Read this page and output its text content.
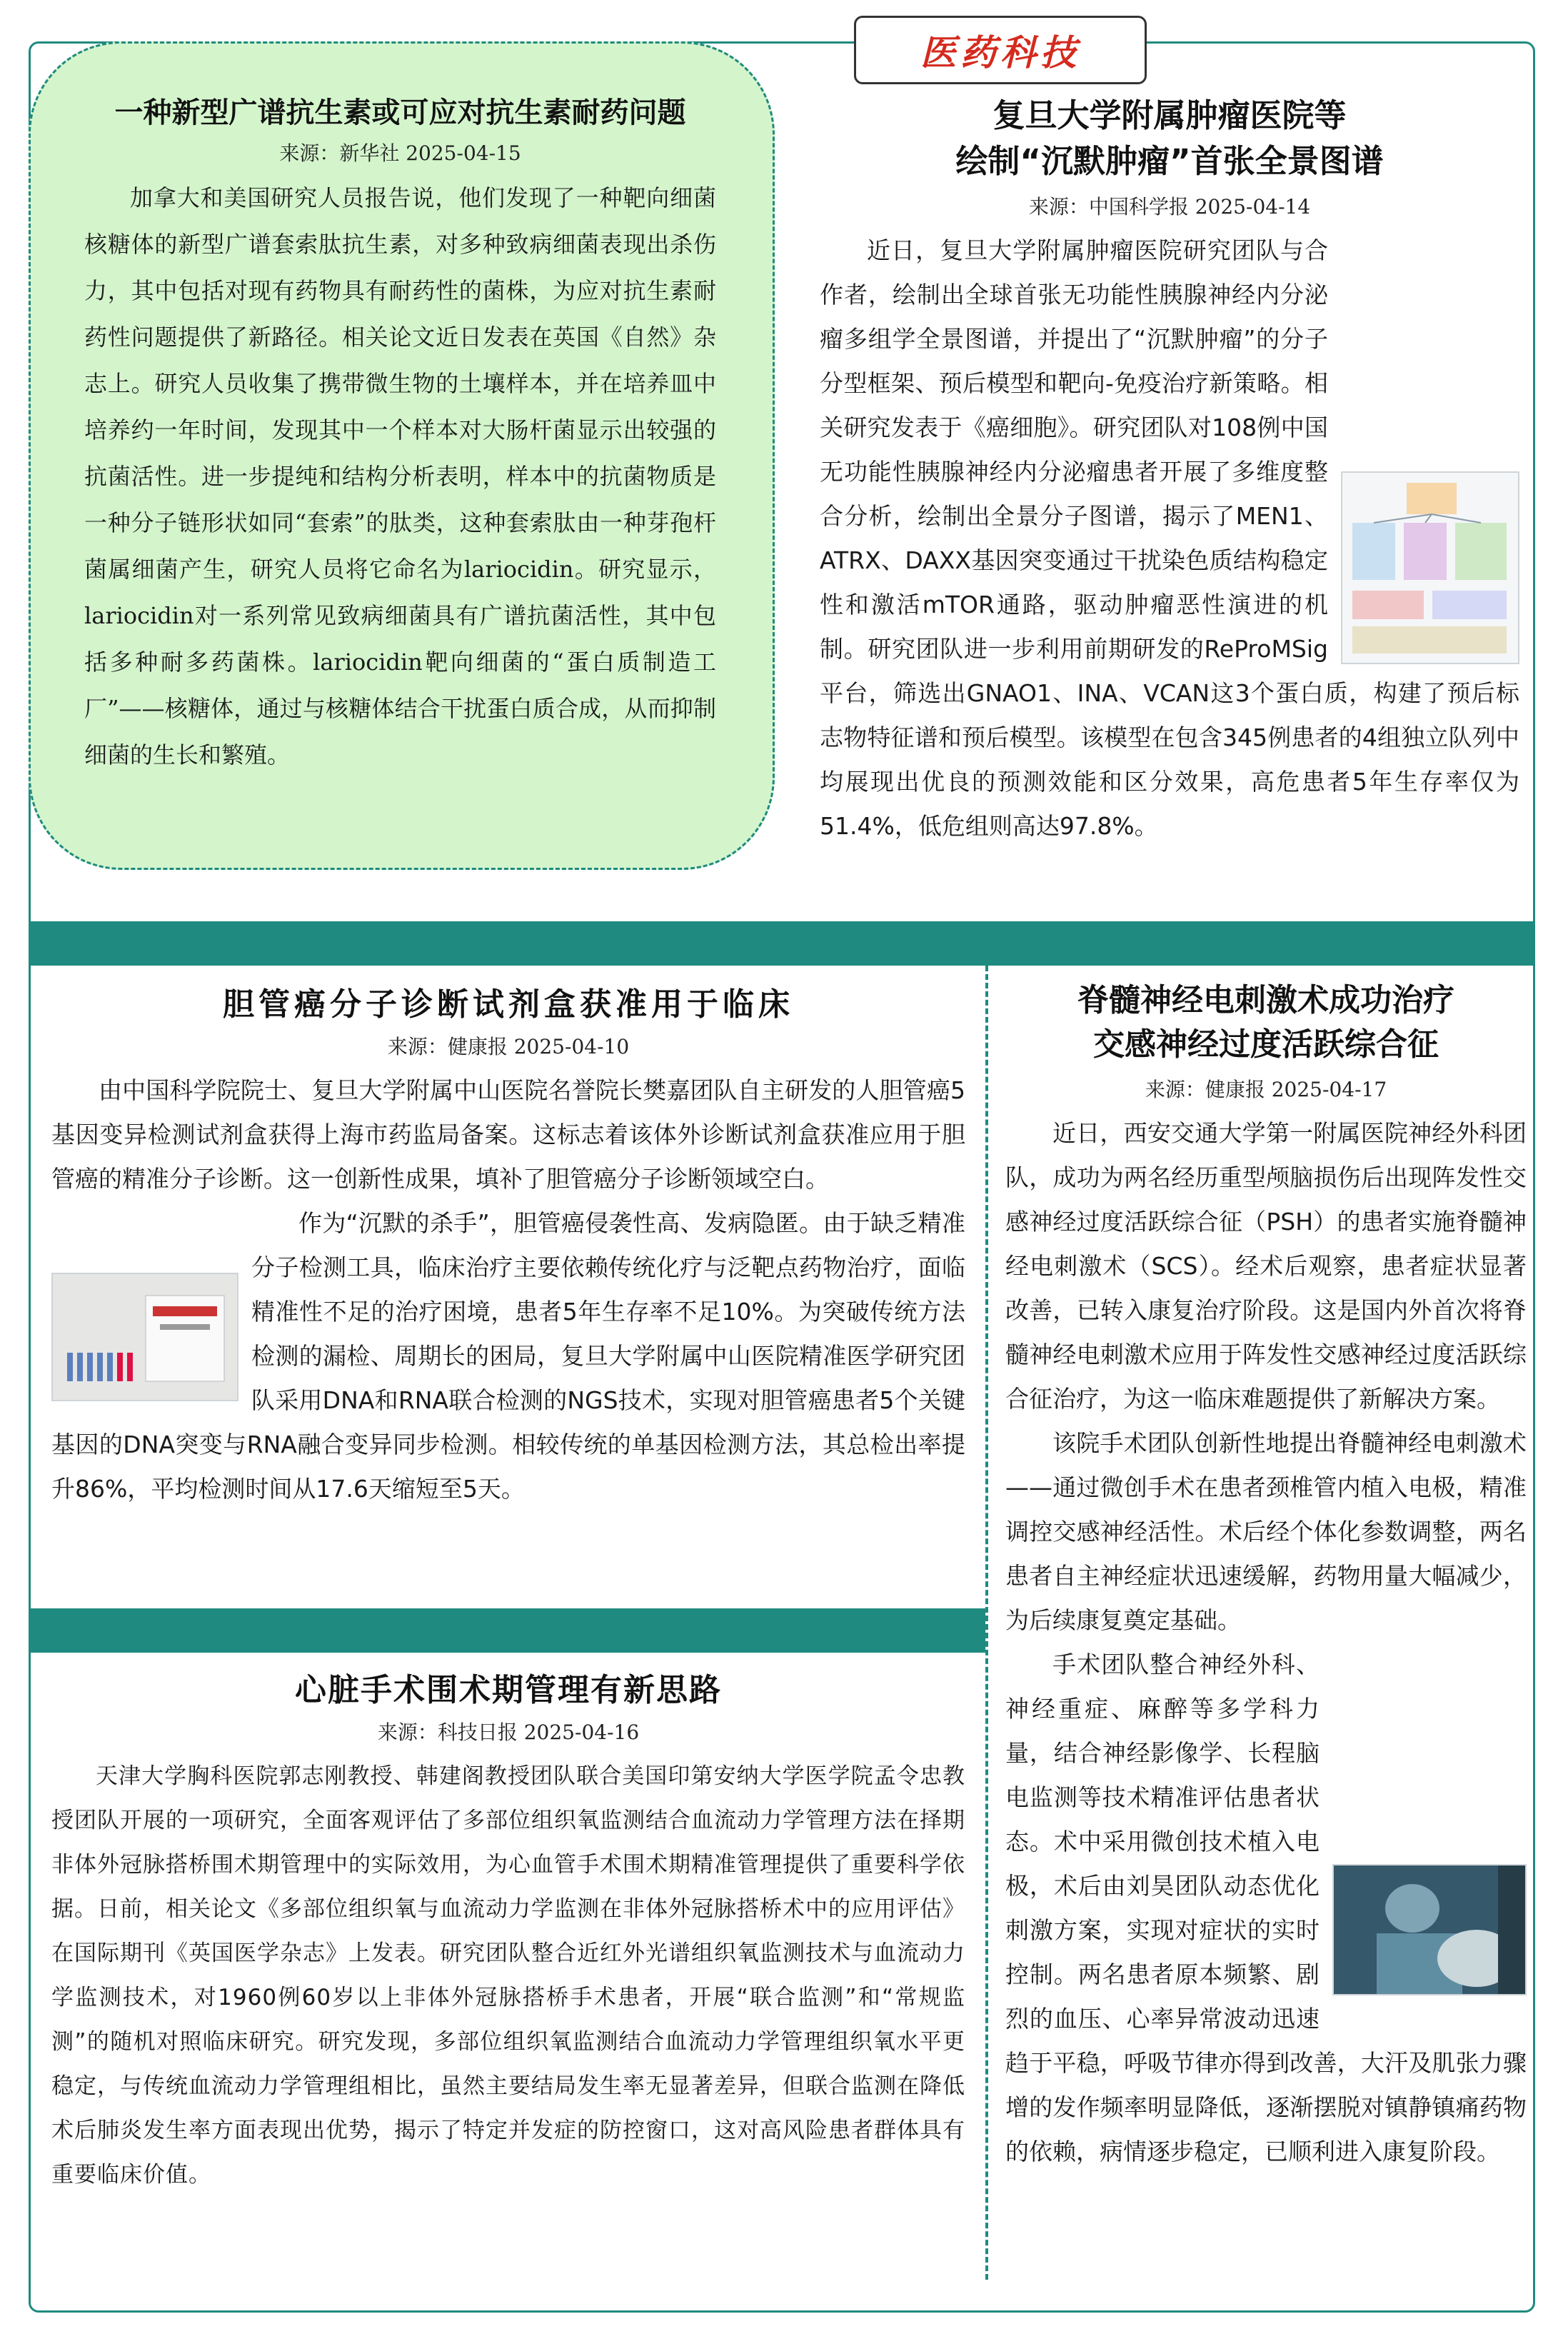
医药科技
一种新型广谱抗生素或可应对抗生素耐药问题
来源：新华社 2025-04-15

加拿大和美国研究人员报告说，他们发现了一种靶向细菌核糖体的新型广谱套索肽抗生素，对多种致病细菌表现出杀伤力，其中包括对现有药物具有耐药性的菌株，为应对抗生素耐药性问题提供了新路径。相关论文近日发表在英国《自然》杂志上。研究人员收集了携带微生物的土壤样本，并在培养皿中培养约一年时间，发现其中一个样本对大肠杆菌显示出较强的抗菌活性。进一步提纯和结构分析表明，样本中的抗菌物质是一种分子链形状如同“套索”的肽类，这种套索肽由一种芽孢杆菌属细菌产生，研究人员将它命名为lariocidin。研究显示，lariocidin对一系列常见致病细菌具有广谱抗菌活性，其中包括多种耐多药菌株。lariocidin靶向细菌的“蛋白质制造工厂”——核糖体，通过与核糖体结合干扰蛋白质合成，从而抑制细菌的生长和繁殖。

复旦大学附属肿瘤医院等
绘制“沉默肿瘤”首张全景图谱
来源：中国科学报 2025-04-14

近日，复旦大学附属肿瘤医院研究团队与合作者，绘制出全球首张无功能性胰腺神经内分泌瘤多组学全景图谱，并提出了“沉默肿瘤”的分子分型框架、预后模型和靶向-免疫治疗新策略。相关研究发表于《癌细胞》。研究团队对108例中国无功能性胰腺神经内分泌瘤患者开展了多维度整合分析，绘制出全景分子图谱，揭示了MEN1、ATRX、DAXX基因突变通过干扰染色质结构稳定性和激活mTOR通路，驱动肿瘤恶性演进的机制。研究团队进一步利用前期研发的ReProMSig平台，筛选出GNAO1、INA、VCAN这3个蛋白质，构建了预后标志物特征谱和预后模型。该模型在包含345例患者的4组独立队列中均展现出优良的预测效能和区分效果，高危患者5年生存率仅为51.4%，低危组则高达97.8%。

胆管癌分子诊断试剂盒获准用于临床
来源：健康报 2025-04-10

由中国科学院院士、复旦大学附属中山医院名誉院长樊嘉团队自主研发的人胆管癌5基因变异检测试剂盒获得上海市药监局备案。这标志着该体外诊断试剂盒获准应用于胆管癌的精准分子诊断。这一创新性成果，填补了胆管癌分子诊断领域空白。

作为“沉默的杀手”，胆管癌侵袭性高、发病隐匿。由于缺乏精准分子检测工具，临床治疗主要依赖传统化疗与泛靶点药物治疗，面临精准性不足的治疗困境，患者5年生存率不足10%。为突破传统方法检测的漏检、周期长的困局，复旦大学附属中山医院精准医学研究团队采用DNA和RNA联合检测的NGS技术，实现对胆管癌患者5个关键基因的DNA突变与RNA融合变异同步检测。相较传统的单基因检测方法，其总检出率提升86%，平均检测时间从17.6天缩短至5天。

脊髓神经电刺激术成功治疗
交感神经过度活跃综合征
来源：健康报 2025-04-17

近日，西安交通大学第一附属医院神经外科团队，成功为两名经历重型颅脑损伤后出现阵发性交感神经过度活跃综合征（PSH）的患者实施脊髓神经电刺激术（SCS）。经术后观察，患者症状显著改善，已转入康复治疗阶段。这是国内外首次将脊髓神经电刺激术应用于阵发性交感神经过度活跃综合征治疗，为这一临床难题提供了新解决方案。

该院手术团队创新性地提出脊髓神经电刺激术——通过微创手术在患者颈椎管内植入电极，精准调控交感神经活性。术后经个体化参数调整，两名患者自主神经症状迅速缓解，药物用量大幅减少，为后续康复奠定基础。

手术团队整合神经外科、神经重症、麻醉等多学科力量，结合神经影像学、长程脑电监测等技术精准评估患者状态。术中采用微创技术植入电极，术后由刘昊团队动态优化刺激方案，实现对症状的实时控制。两名患者原本频繁、剧烈的血压、心率异常波动迅速趋于平稳，呼吸节律亦得到改善，大汗及肌张力骤增的发作频率明显降低，逐渐摆脱对镇静镇痛药物的依赖，病情逐步稳定，已顺利进入康复阶段。

心脏手术围术期管理有新思路
来源：科技日报 2025-04-16

天津大学胸科医院郭志刚教授、韩建阁教授团队联合美国印第安纳大学医学院孟令忠教授团队开展的一项研究，全面客观评估了多部位组织氧监测结合血流动力学管理方法在择期非体外冠脉搭桥围术期管理中的实际效用，为心血管手术围术期精准管理提供了重要科学依据。日前，相关论文《多部位组织氧与血流动力学监测在非体外冠脉搭桥术中的应用评估》在国际期刊《英国医学杂志》上发表。研究团队整合近红外光谱组织氧监测技术与血流动力学监测技术，对1960例60岁以上非体外冠脉搭桥手术患者，开展“联合监测”和“常规监测”的随机对照临床研究。研究发现，多部位组织氧监测结合血流动力学管理组织氧水平更稳定，与传统血流动力学管理组相比，虽然主要结局发生率无显著差异，但联合监测在降低术后肺炎发生率方面表现出优势，揭示了特定并发症的防控窗口，这对高风险患者群体具有重要临床价值。
